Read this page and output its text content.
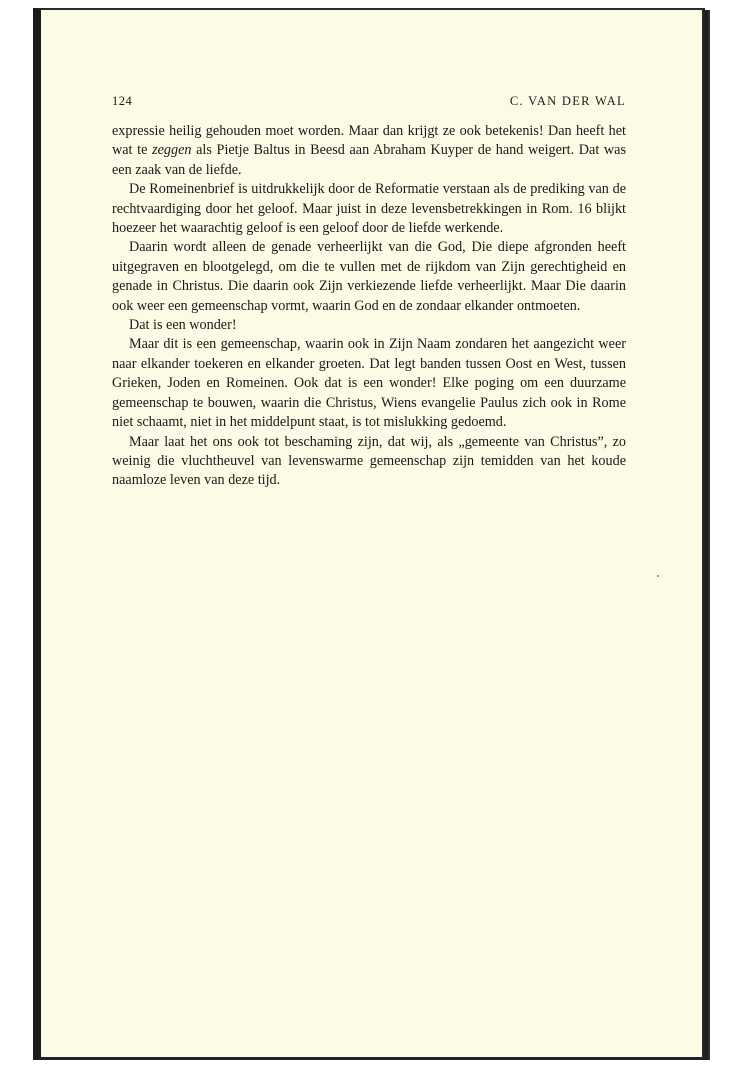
124	C. VAN DER WAL

expressie heilig gehouden moet worden. Maar dan krijgt ze ook betekenis! Dan heeft het wat te zeggen als Pietje Baltus in Beesd aan Abraham Kuyper de hand weigert. Dat was een zaak van de liefde.

De Romeinenbrief is uitdrukkelijk door de Reformatie verstaan als de prediking van de rechtvaardiging door het geloof. Maar juist in deze levensbetrekkingen in Rom. 16 blijkt hoezeer het waarachtig geloof is een geloof door de liefde werkende.

Daarin wordt alleen de genade verheerlijkt van die God, Die diepe afgronden heeft uitgegraven en blootgelegd, om die te vullen met de rijkdom van Zijn gerechtigheid en genade in Christus. Die daarin ook Zijn verkiezende liefde verheerlijkt. Maar Die daarin ook weer een gemeenschap vormt, waarin God en de zondaar elkander ontmoeten.

Dat is een wonder!

Maar dit is een gemeenschap, waarin ook in Zijn Naam zondaren het aangezicht weer naar elkander toekeren en elkander groeten. Dat legt banden tussen Oost en West, tussen Grieken, Joden en Romeinen. Ook dat is een wonder! Elke poging om een duurzame gemeenschap te bouwen, waarin die Christus, Wiens evangelie Paulus zich ook in Rome niet schaamt, niet in het middelpunt staat, is tot mislukking gedoemd.

Maar laat het ons ook tot beschaming zijn, dat wij, als „gemeente van Christus”, zo weinig die vluchtheuvel van levenswarme gemeenschap zijn temidden van het koude naamloze leven van deze tijd.
